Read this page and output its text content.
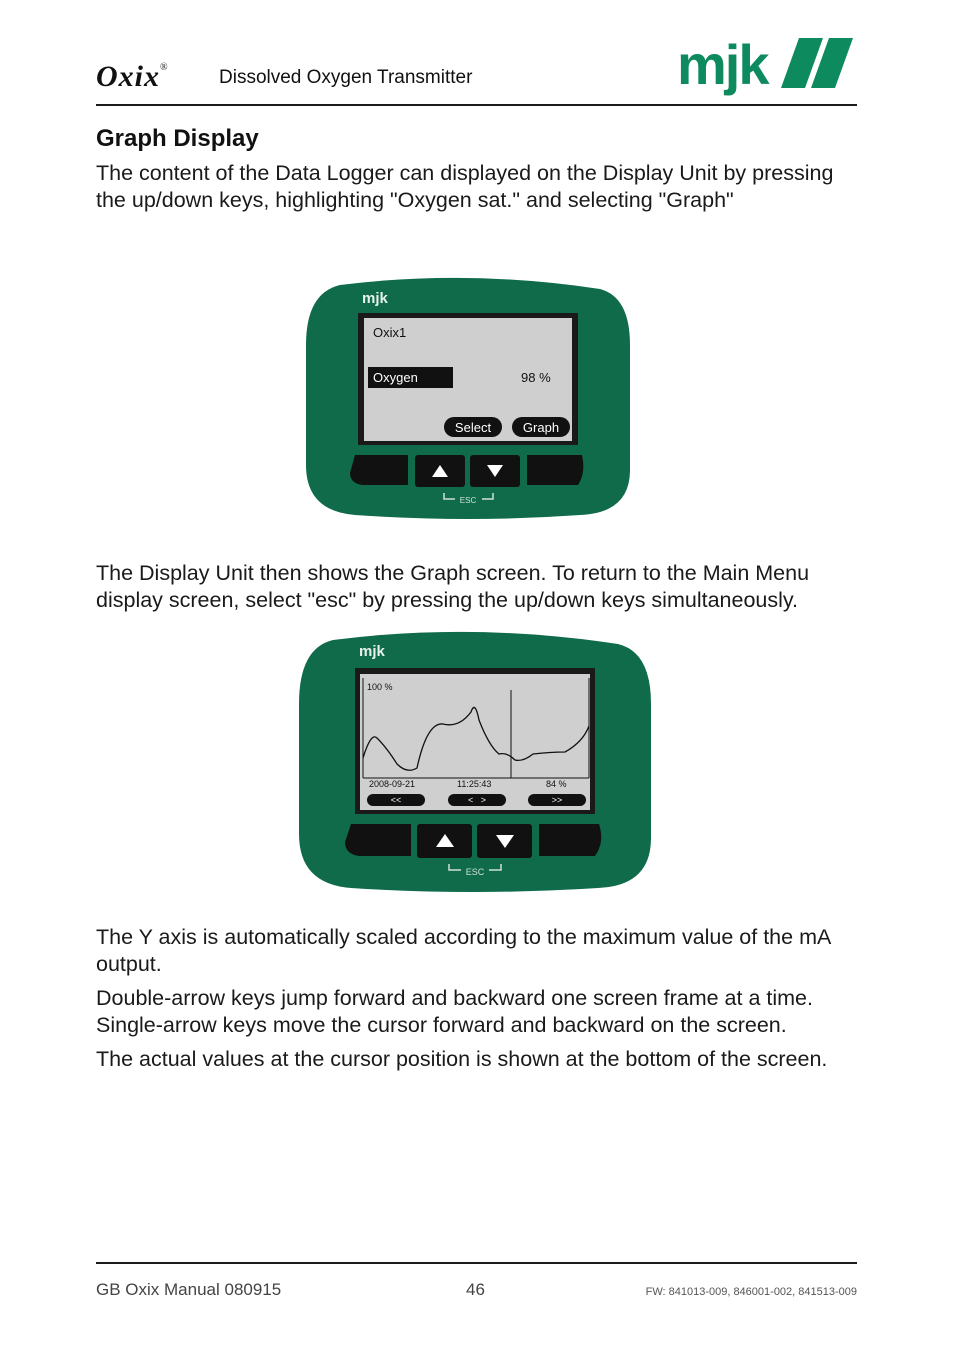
Oxix®	Dissolved Oxygen Transmitter	mjk
Graph Display
The content of the Data Logger can displayed on the Display Unit by pressing the up/down keys, highlighting "Oxygen sat." and selecting "Graph"
mjk
Oxix1
Oxygen	98 %
Select Graph
ESC
The Display Unit then shows the Graph screen. To return to the Main Menu display screen, select "esc" by pressing the up/down keys simultaneously.
mjk
100 %
2008-09-21	11:25:43	84 %
<<	<   >	>>
ESC
The Y axis is automatically scaled according to the maximum value of the mA output.
Double-arrow keys jump forward and backward one screen frame at a time. Single-arrow keys move the cursor forward and backward on the screen.
The actual values at the cursor position is shown at the bottom of the screen.
GB Oxix Manual 080915	46	FW: 841013-009, 846001-002, 841513-009
